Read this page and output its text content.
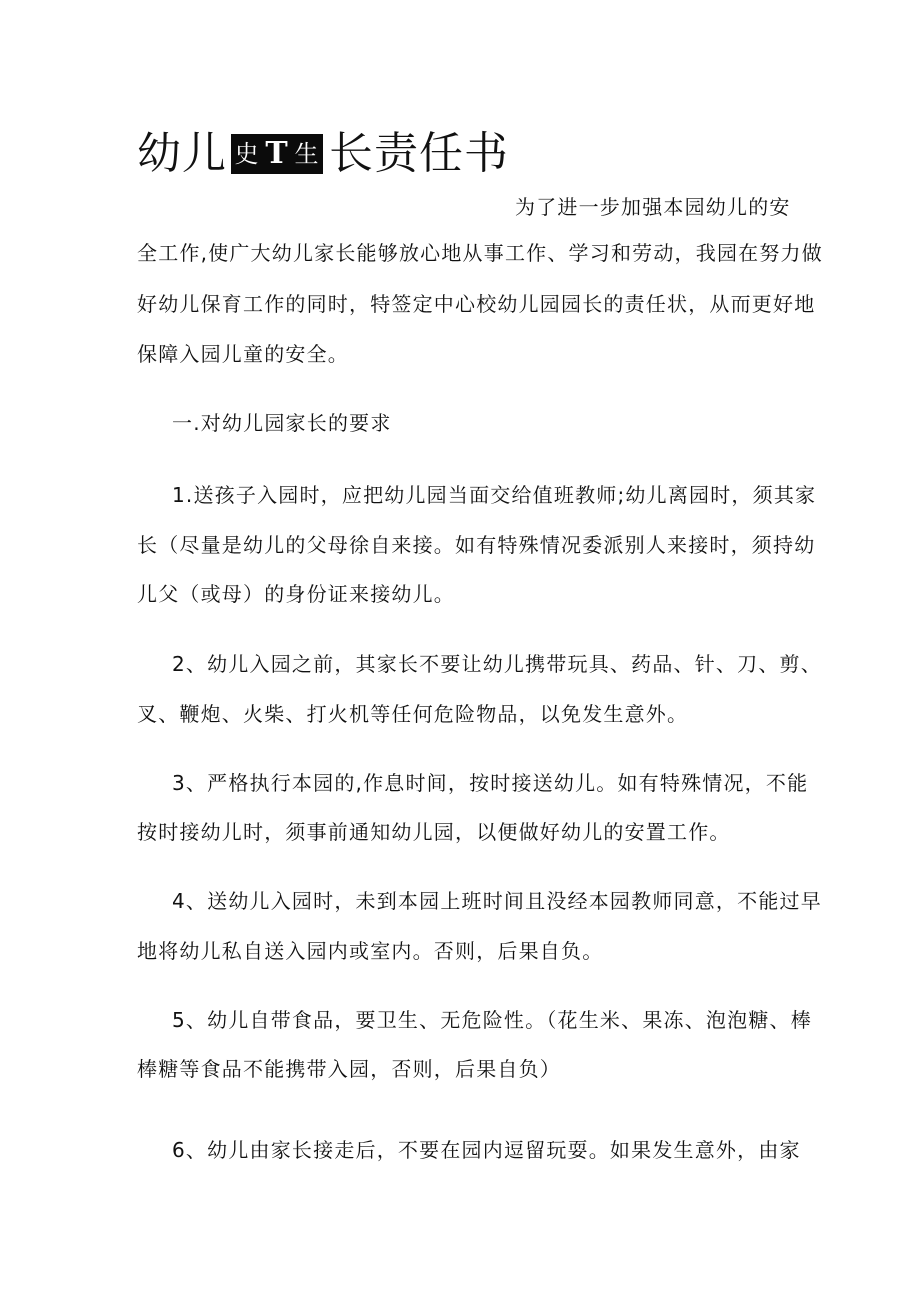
幼儿 史 T 生 长责任书
为了进一步加强本园幼儿的安
全工作,使广大幼儿家长能够放心地从事工作、学习和劳动，我园在努力做
好幼儿保育工作的同时，特签定中心校幼儿园园长的责任状，从而更好地
保障入园儿童的安全。
一.对幼儿园家长的要求
1.送孩子入园时，应把幼儿园当面交给值班教师;幼儿离园时，须其家
长（尽量是幼儿的父母徐自来接。如有特殊情况委派别人来接时，须持幼
儿父（或母）的身份证来接幼儿。
2、幼儿入园之前，其家长不要让幼儿携带玩具、药品、针、刀、剪、
叉、鞭炮、火柴、打火机等任何危险物品，以免发生意外。
3、严格执行本园的,作息时间，按时接送幼儿。如有特殊情况，不能
按时接幼儿时，须事前通知幼儿园，以便做好幼儿的安置工作。
4、送幼儿入园时，未到本园上班时间且没经本园教师同意，不能过早
地将幼儿私自送入园内或室内。否则，后果自负。
5、幼儿自带食品，要卫生、无危险性。（花生米、果冻、泡泡糖、棒
棒糖等食品不能携带入园，否则，后果自负）
6、幼儿由家长接走后，不要在园内逗留玩耍。如果发生意外，由家
